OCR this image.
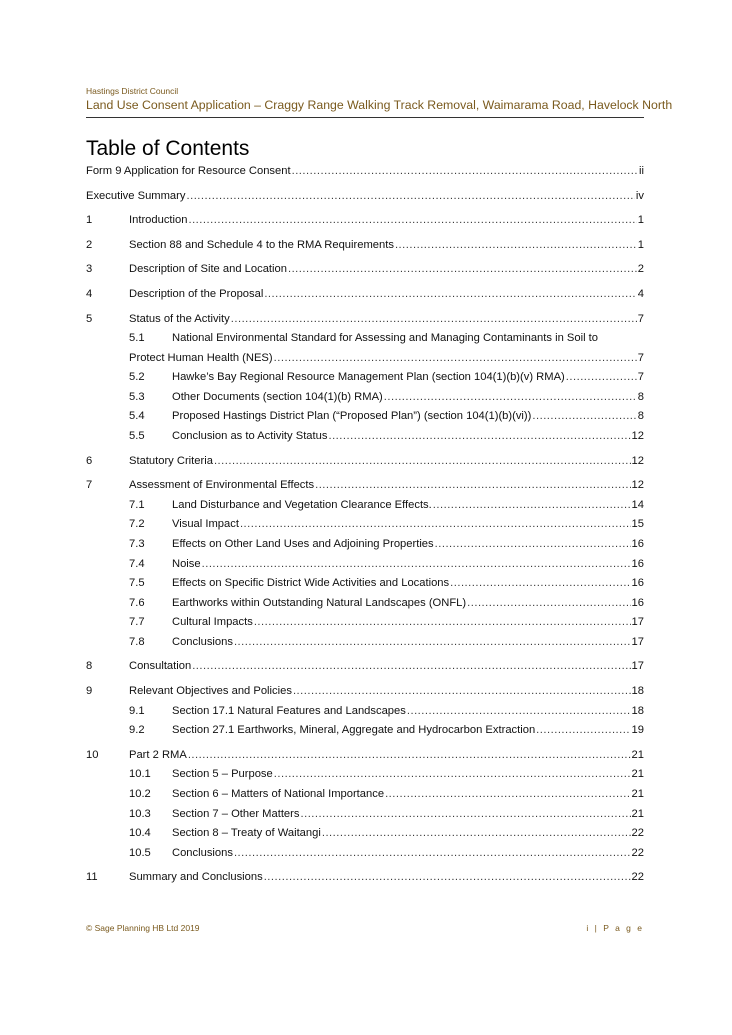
Hastings District Council
Land Use Consent Application – Craggy Range Walking Track Removal, Waimarama Road, Havelock North
Table of Contents
Form 9 Application for Resource Consent .....	ii
Executive Summary .....	iv
1	Introduction .....	1
2	Section 88 and Schedule 4 to the RMA Requirements .....	1
3	Description of Site and Location .....	2
4	Description of the Proposal .....	4
5	Status of the Activity .....	7
5.1 National Environmental Standard for Assessing and Managing Contaminants in Soil to
Protect Human Health (NES) .....	7
5.2 Hawke’s Bay Regional Resource Management Plan (section 104(1)(b)(v) RMA) .....	7
5.3 Other Documents (section 104(1)(b) RMA) .....	8
5.4 Proposed Hastings District Plan (“Proposed Plan”) (section 104(1)(b)(vi)) .....	8
5.5 Conclusion as to Activity Status .....	12
6	Statutory Criteria .....	12
7	Assessment of Environmental Effects .....	12
7.1 Land Disturbance and Vegetation Clearance Effects. .....	14
7.2 Visual Impact .....	15
7.3 Effects on Other Land Uses and Adjoining Properties .....	16
7.4 Noise .....	16
7.5 Effects on Specific District Wide Activities and Locations .....	16
7.6 Earthworks within Outstanding Natural Landscapes (ONFL) .....	16
7.7 Cultural Impacts .....	17
7.8 Conclusions .....	17
8	Consultation .....	17
9	Relevant Objectives and Policies .....	18
9.1 Section 17.1 Natural Features and Landscapes .....	18
9.2 Section 27.1 Earthworks, Mineral, Aggregate and Hydrocarbon Extraction .....	19
10	Part 2 RMA .....	21
10.1 Section 5 – Purpose .....	21
10.2 Section 6 – Matters of National Importance .....	21
10.3 Section 7 – Other Matters .....	21
10.4 Section 8 – Treaty of Waitangi .....	22
10.5 Conclusions .....	22
11	Summary and Conclusions .....	22
© Sage Planning HB Ltd 2019	i | P a g e
